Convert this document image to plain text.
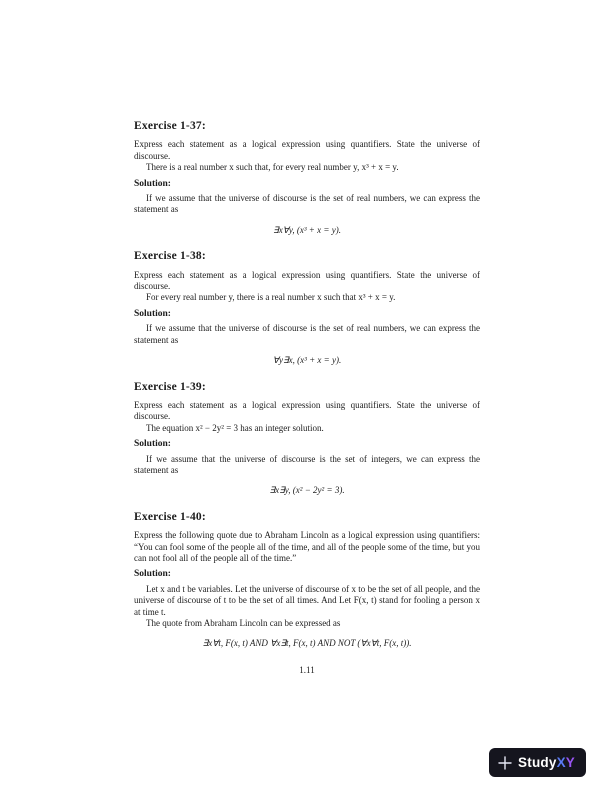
Exercise 1-37:

Express each statement as a logical expression using quantifiers. State the universe of discourse.

There is a real number x such that, for every real number y, x³ + x = y.

Solution:

If we assume that the universe of discourse is the set of real numbers, we can express the statement as

∃x∀y, (x³ + x = y).

Exercise 1-38:

Express each statement as a logical expression using quantifiers. State the universe of discourse.

For every real number y, there is a real number x such that x³ + x = y.

Solution:

If we assume that the universe of discourse is the set of real numbers, we can express the statement as

∀y∃x, (x³ + x = y).

Exercise 1-39:

Express each statement as a logical expression using quantifiers. State the universe of discourse.

The equation x² − 2y² = 3 has an integer solution.

Solution:

If we assume that the universe of discourse is the set of integers, we can express the statement as

∃x∃y, (x² − 2y² = 3).

Exercise 1-40:

Express the following quote due to Abraham Lincoln as a logical expression using quantifiers: “You can fool some of the people all of the time, and all of the people some of the time, but you can not fool all of the people all of the time.”

Solution:

Let x and t be variables. Let the universe of discourse of x to be the set of all people, and the universe of discourse of t to be the set of all times. And Let F(x, t) stand for fooling a person x at time t.

The quote from Abraham Lincoln can be expressed as

∃x∀t, F(x, t) AND ∀x∃t, F(x, t) AND NOT (∀x∀t, F(x, t)).

1.11
Study X Y
